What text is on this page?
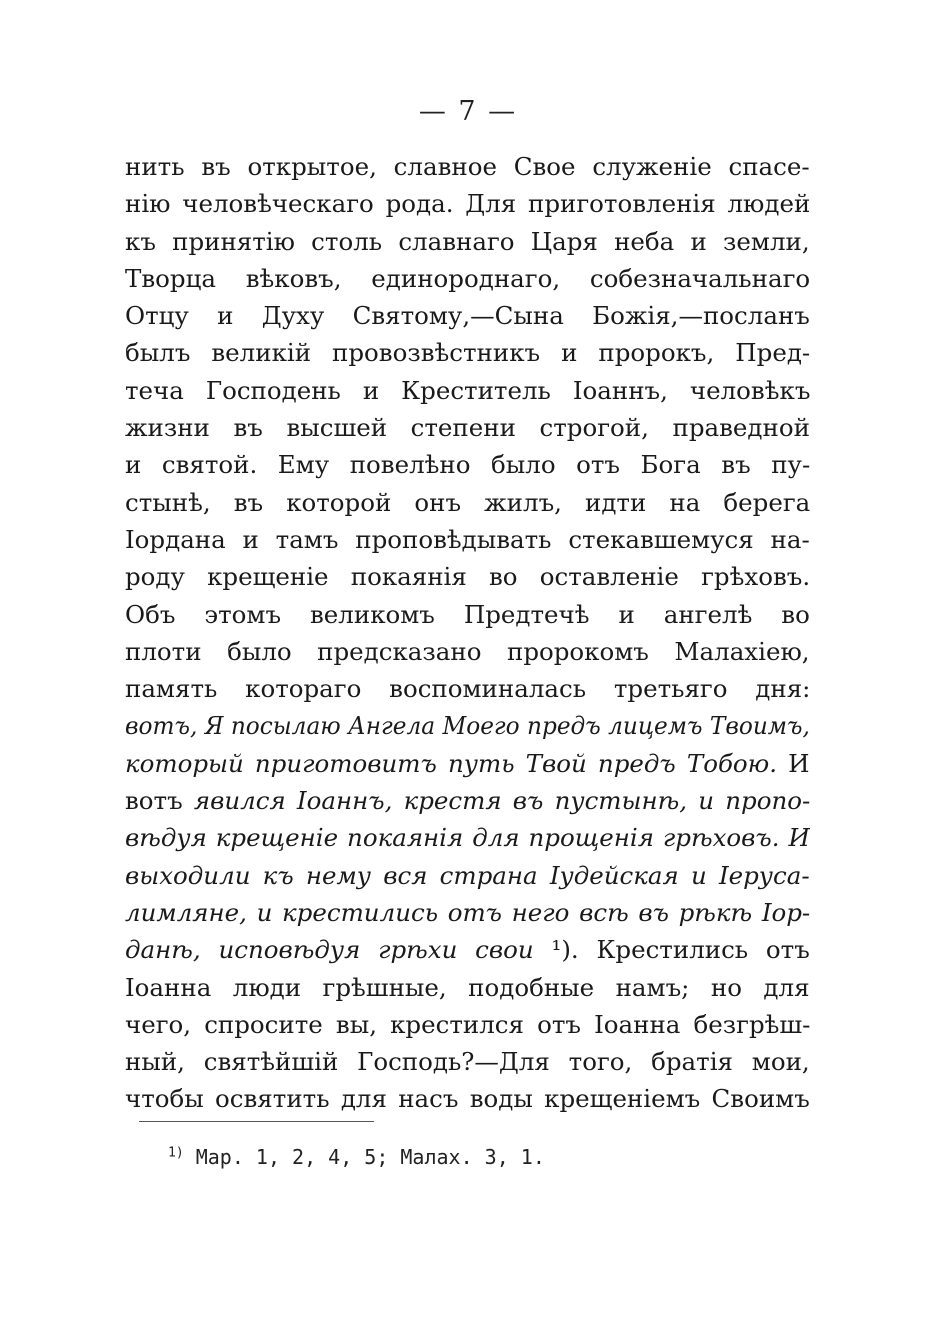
— 7 —
нить въ открытое, славное Свое служеніе спасе-
нію человѣческаго рода. Для приготовленія людей
къ принятію столь славнаго Царя неба и земли,
Творца вѣковъ, единороднаго, собезначальнаго
Отцу и Духу Святому,—Сына Божія,—посланъ
былъ великій провозвѣстникъ и пророкъ, Пред-
теча Господень и Креститель Іоаннъ, человѣкъ
жизни въ высшей степени строгой, праведной
и святой. Ему повелѣно было отъ Бога въ пу-
стынѣ, въ которой онъ жилъ, идти на берега
Іордана и тамъ проповѣдывать стекавшемуся на-
роду крещеніе покаянія во оставленіе грѣховъ.
Объ этомъ великомъ Предтечѣ и ангелѣ во
плоти было предсказано пророкомъ Малахіею,
память котораго воспоминалась третьяго дня:
вотъ, Я посылаю Ангела Моего предъ лицемъ Твоимъ,
который приготовитъ путь Твой предъ Тобою. И
вотъ явился Іоаннъ, крестя въ пустынѣ, и пропо-
вѣдуя крещеніе покаянія для прощенія грѣховъ. И
выходили къ нему вся страна Іудейская и Іеруса-
лимляне, и крестились отъ него всѣ въ рѣкѣ Іор-
данѣ, исповѣдуя грѣхи свои ¹). Крестились отъ
Іоанна люди грѣшные, подобные намъ; но для
чего, спросите вы, крестился отъ Іоанна безгрѣш-
ный, святѣйшій Господь?—Для того, братія мои,
чтобы освятить для насъ воды крещеніемъ Своимъ
$^{1)}$ Мар. 1, 2, 4, 5; Малах. 3, 1.
